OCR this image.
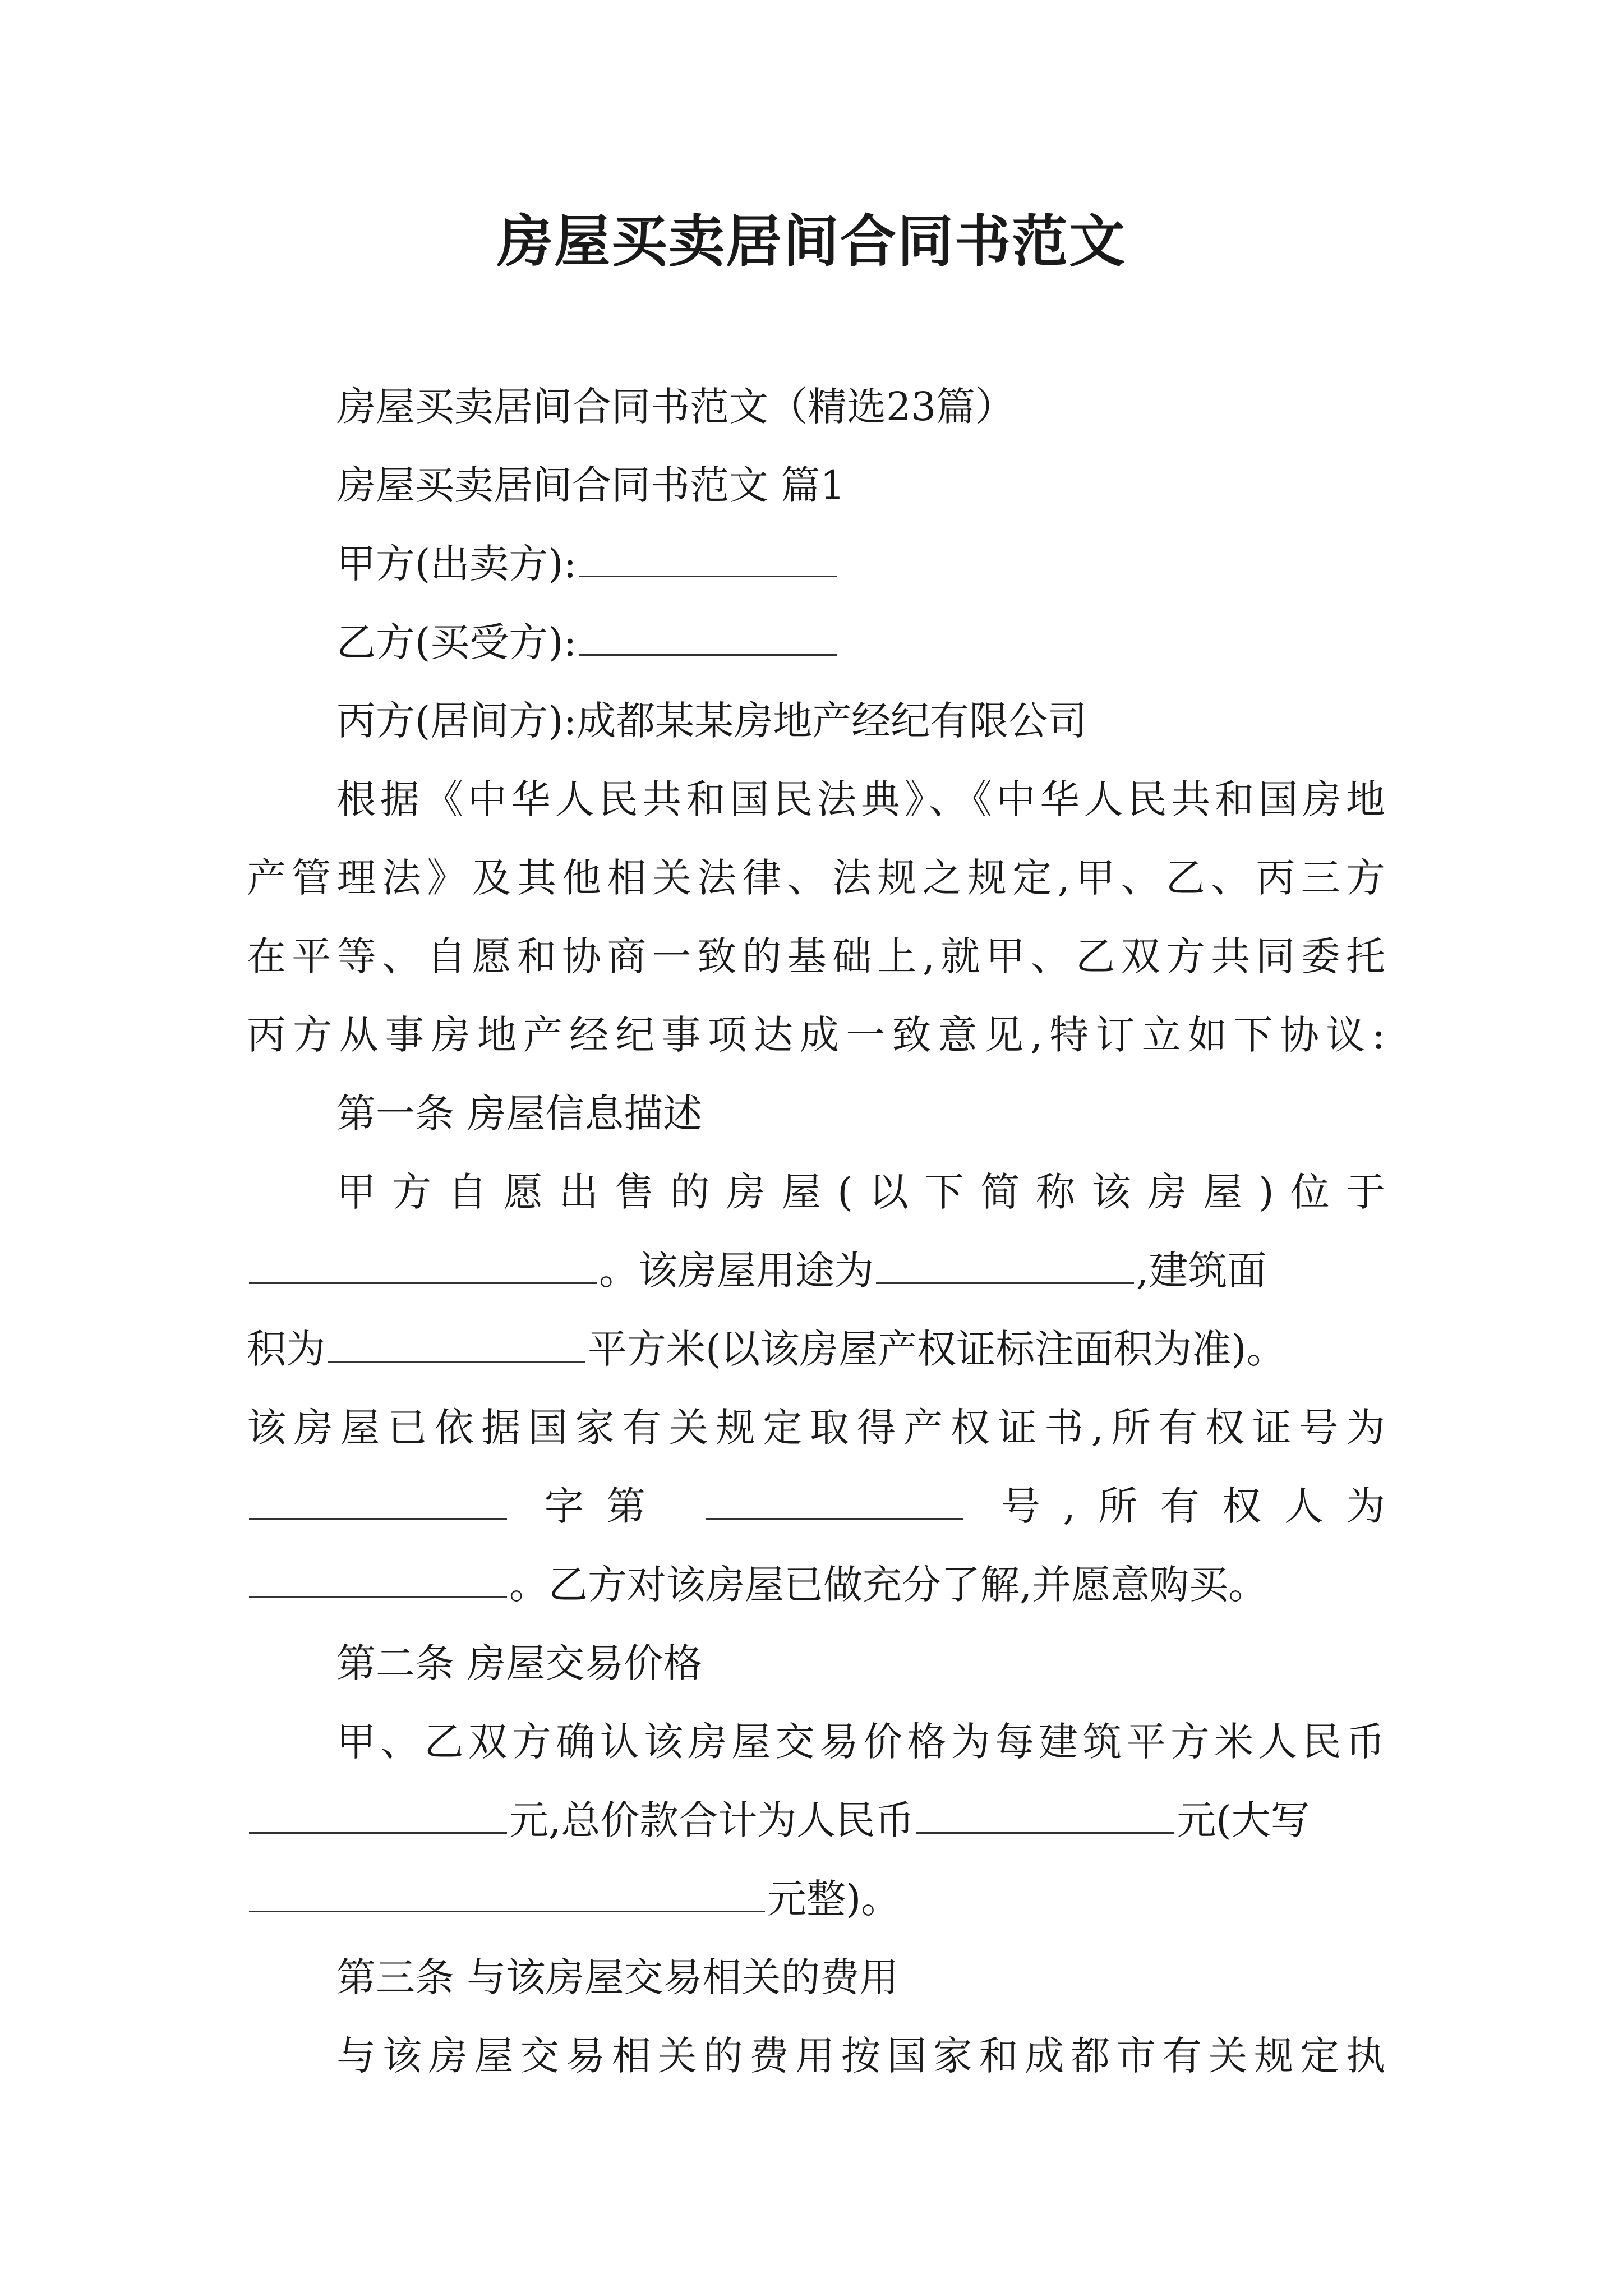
房屋买卖居间合同书范文

房屋买卖居间合同书范文（精选23篇）

房屋买卖居间合同书范文 篇1

甲方(出卖方):

乙方(买受方):

丙方(居间方):成都某某房地产经纪有限公司

根据《中华人民共和国民法典》、《中华人民共和国房地

产管理法》及其他相关法律、法规之规定,甲、乙、丙三方

在平等、自愿和协商一致的基础上,就甲、乙双方共同委托

丙方从事房地产经纪事项达成一致意见,特订立如下协议:

第一条 房屋信息描述

甲方自愿出售的房屋(以下简称该房屋)位于

。该房屋用途为	,建筑面

积为	平方米(以该房屋产权证标注面积为准)。

该房屋已依据国家有关规定取得产权证书,所有权证号为

字第	号,所有权人为

。乙方对该房屋已做充分了解,并愿意购买。

第二条 房屋交易价格

甲、乙双方确认该房屋交易价格为每建筑平方米人民币

元,总价款合计为人民币	元(大写

元整)。

第三条 与该房屋交易相关的费用

与该房屋交易相关的费用按国家和成都市有关规定执
